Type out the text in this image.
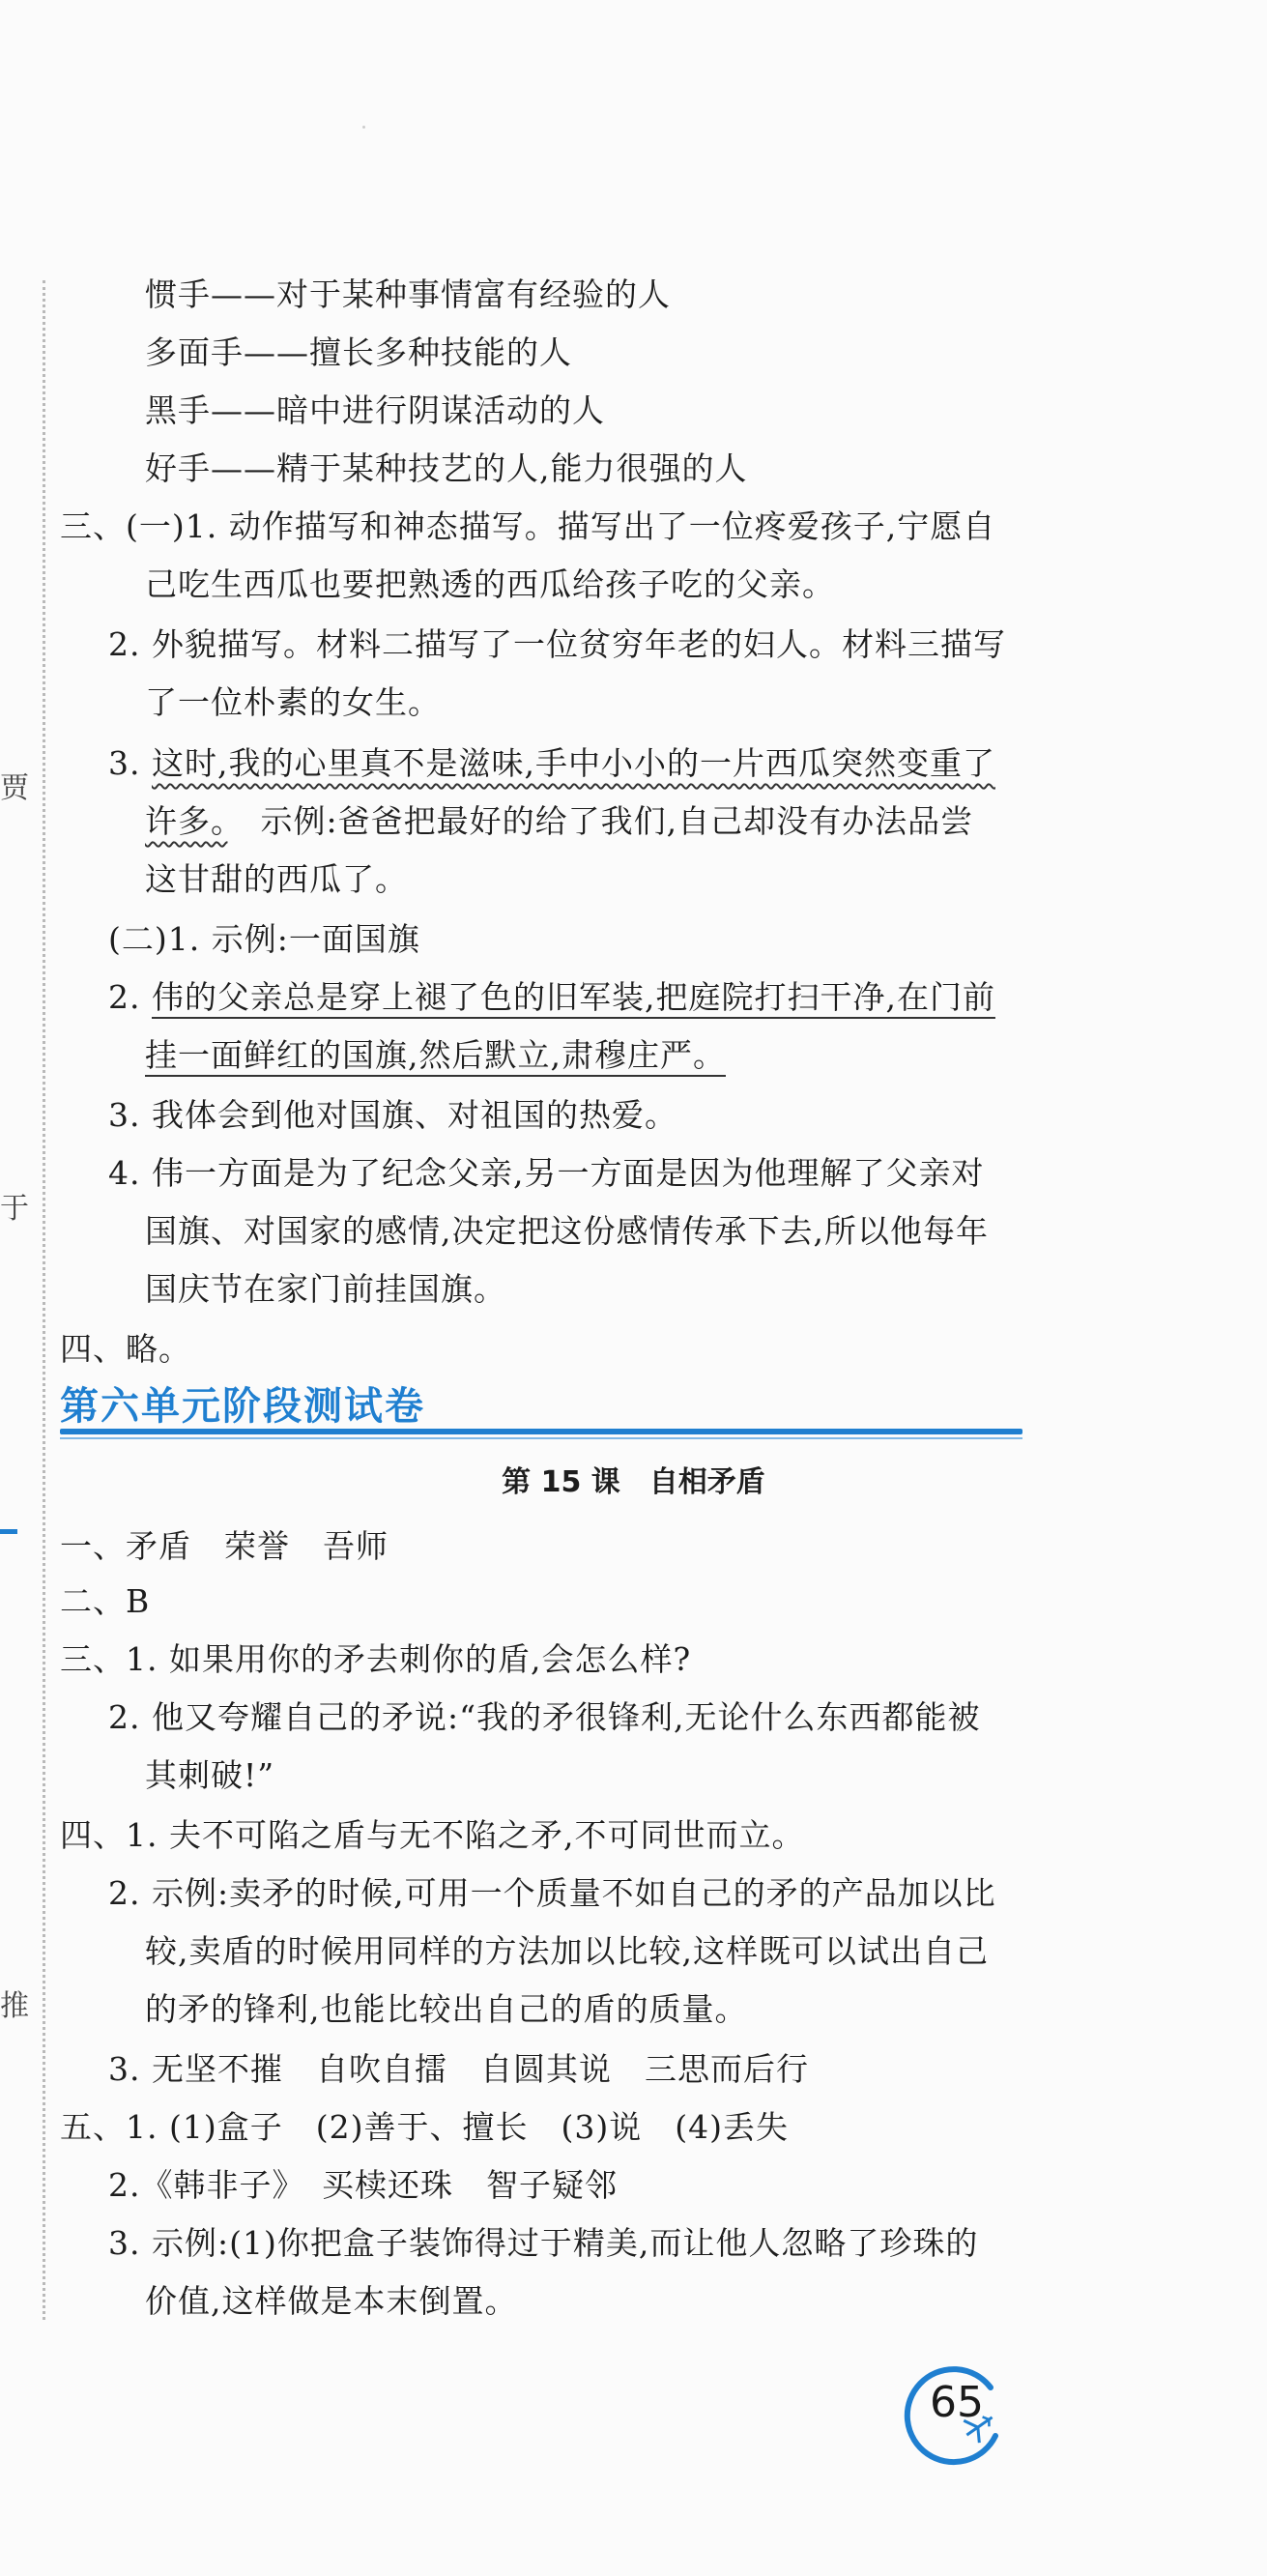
贾
于
推
惯手——对于某种事情富有经验的人
多面手——擅长多种技能的人
黑手——暗中进行阴谋活动的人
好手——精于某种技艺的人,能力很强的人
三、(一)1. 动作描写和神态描写。描写出了一位疼爱孩子,宁愿自
己吃生西瓜也要把熟透的西瓜给孩子吃的父亲。
2. 外貌描写。材料二描写了一位贫穷年老的妇人。材料三描写
了一位朴素的女生。
3. 这时,我的心里真不是滋味,手中小小的一片西瓜突然变重了
许多。　示例:爸爸把最好的给了我们,自己却没有办法品尝
这甘甜的西瓜了。
(二)1. 示例:一面国旗
2. 伟的父亲总是穿上褪了色的旧军装,把庭院打扫干净,在门前
挂一面鲜红的国旗,然后默立,肃穆庄严。
3. 我体会到他对国旗、对祖国的热爱。
4. 伟一方面是为了纪念父亲,另一方面是因为他理解了父亲对
国旗、对国家的感情,决定把这份感情传承下去,所以他每年
国庆节在家门前挂国旗。
四、略。
第六单元阶段测试卷
第 15 课　自相矛盾
一、矛盾　荣誉　吾师
二、B
三、1. 如果用你的矛去刺你的盾,会怎么样?
2. 他又夸耀自己的矛说:“我的矛很锋利,无论什么东西都能被
其刺破!”
四、1. 夫不可陷之盾与无不陷之矛,不可同世而立。
2. 示例:卖矛的时候,可用一个质量不如自己的矛的产品加以比
较,卖盾的时候用同样的方法加以比较,这样既可以试出自己
的矛的锋利,也能比较出自己的盾的质量。
3. 无坚不摧　自吹自擂　自圆其说　三思而后行
五、1. (1)盒子　(2)善于、擅长　(3)说　(4)丢失
2.《韩非子》　买椟还珠　智子疑邻
3. 示例:(1)你把盒子装饰得过于精美,而让他人忽略了珍珠的
价值,这样做是本末倒置。
65
